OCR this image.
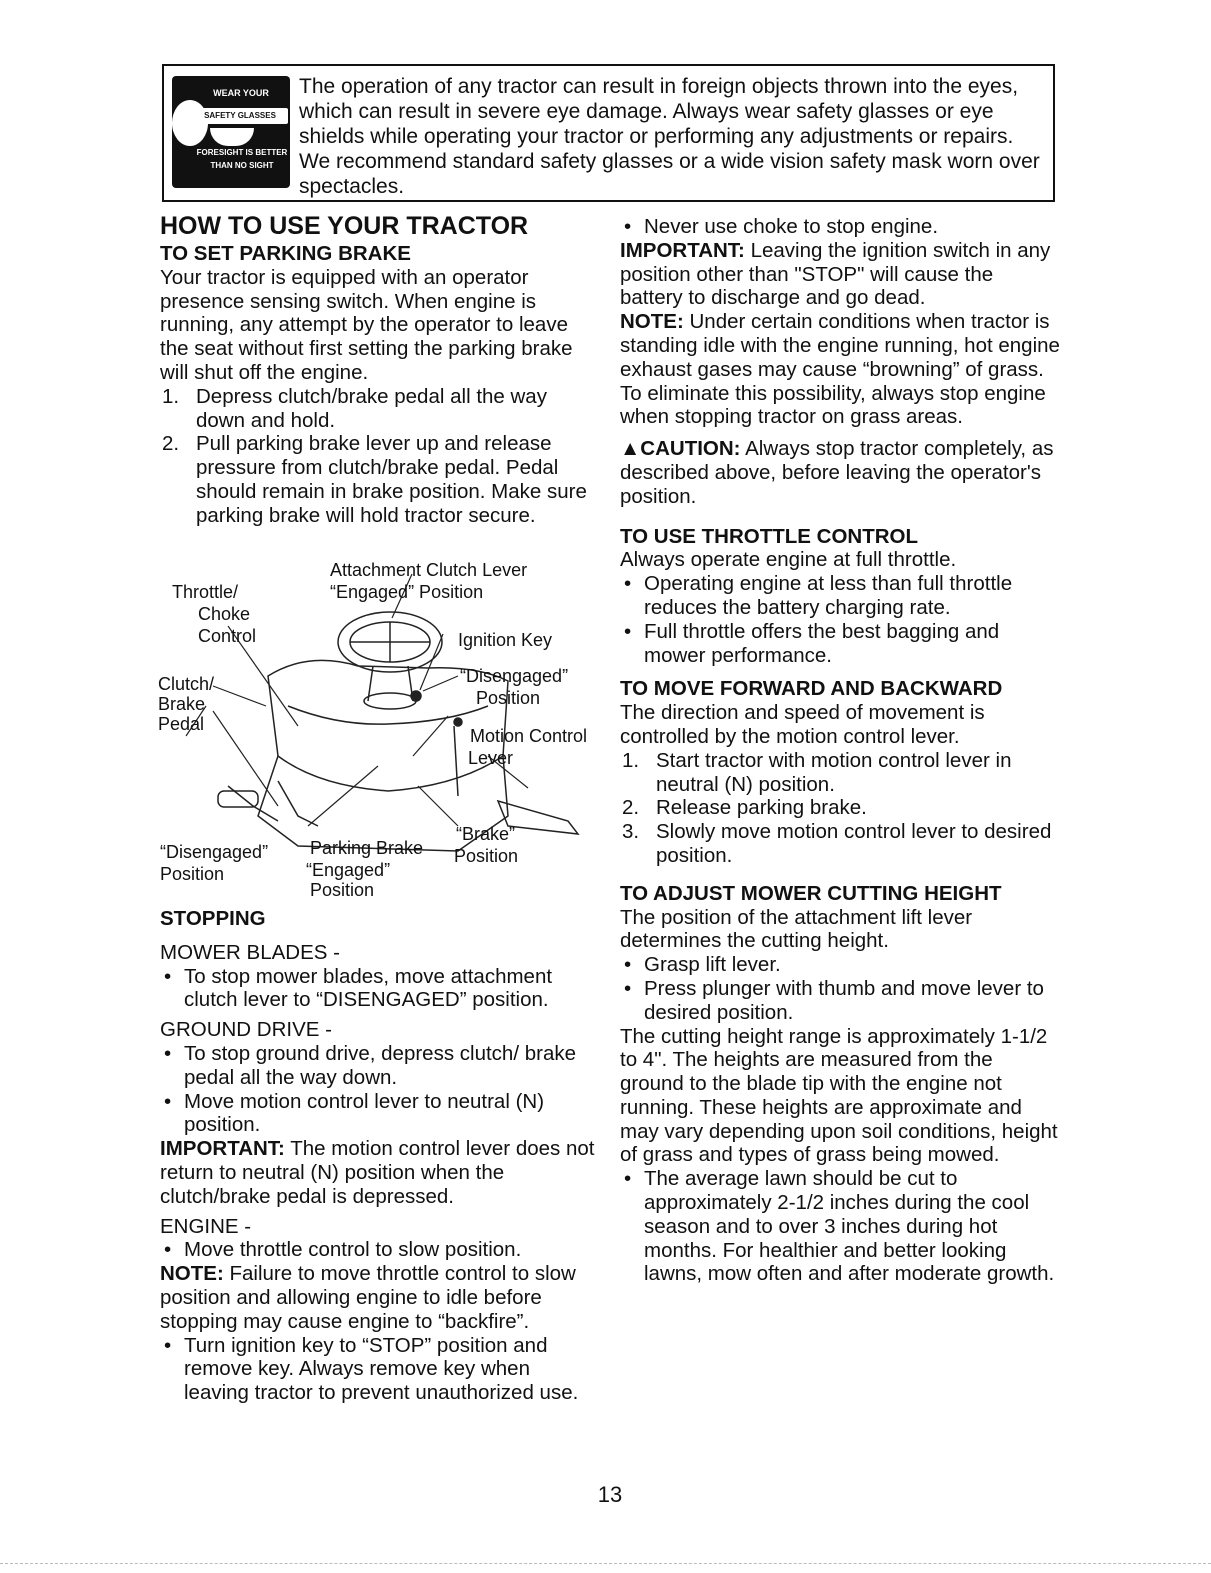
WEAR YOUR
SAFETY GLASSES
FORESIGHT IS BETTER THAN NO SIGHT
The operation of any tractor can result in foreign objects thrown into the eyes, which can result in severe eye damage. Always wear safety glasses or eye shields while operating your tractor or performing any adjustments or repairs. We recommend standard safety glasses or a wide vision safety mask worn over spectacles.
HOW TO USE YOUR TRACTOR
TO SET PARKING BRAKE

Your tractor is equipped with an operator presence sensing switch. When engine is running, any attempt by the operator to leave the seat without first setting the parking brake will shut off the engine.

1. Depress clutch/brake pedal all the way down and hold.
2. Pull parking brake lever up and release pressure from clutch/brake pedal. Pedal should remain in brake position. Make sure parking brake will hold tractor secure.
Attachment Clutch Lever
“Engaged” Position
Throttle/
Choke
Control	Ignition Key
“Disengaged”
Position
Clutch/
Brake
Pedal
Motion Control
Lever
“Brake”
Position
“Disengaged”
Position
Parking Brake
“Engaged”
Position
STOPPING

MOWER BLADES -

• To stop mower blades, move attachment clutch lever to “DISENGAGED” position.

GROUND DRIVE -

• To stop ground drive, depress clutch/ brake pedal all the way down.
• Move motion control lever to neutral (N) position.

IMPORTANT: The motion control lever does not return to neutral (N) position when the clutch/brake pedal is depressed.

ENGINE -

• Move throttle control to slow position.

NOTE: Failure to move throttle control to slow position and allowing engine to idle before stopping may cause engine to “backfire”.

• Turn ignition key to “STOP” position and remove key. Always remove key when leaving tractor to prevent unauthorized use.
• Never use choke to stop engine.

IMPORTANT: Leaving the ignition switch in any position other than "STOP" will cause the battery to discharge and go dead.

NOTE: Under certain conditions when tractor is standing idle with the engine running, hot engine exhaust gases may cause “browning” of grass. To eliminate this possibility, always stop engine when stopping tractor on grass areas.

▲CAUTION: Always stop tractor completely, as described above, before leaving the operator's position.

TO USE THROTTLE CONTROL

Always operate engine at full throttle.

• Operating engine at less than full throttle reduces the battery charging rate.
• Full throttle offers the best bagging and mower performance.
TO MOVE FORWARD AND BACKWARD

The direction and speed of movement is controlled by the motion control lever.

1. Start tractor with motion control lever in neutral (N) position.
2. Release parking brake.
3. Slowly move motion control lever to desired position.
TO ADJUST MOWER CUTTING HEIGHT

The position of the attachment lift lever determines the cutting height.

• Grasp lift lever.
• Press plunger with thumb and move lever to desired position.

The cutting height range is approximately 1-1/2 to 4". The heights are measured from the ground to the blade tip with the engine not running. These heights are approximate and may vary depending upon soil conditions, height of grass and types of grass being mowed.

• The average lawn should be cut to approximately 2-1/2 inches during the cool season and to over 3 inches during hot months. For healthier and better looking lawns, mow often and after moderate growth.
13
